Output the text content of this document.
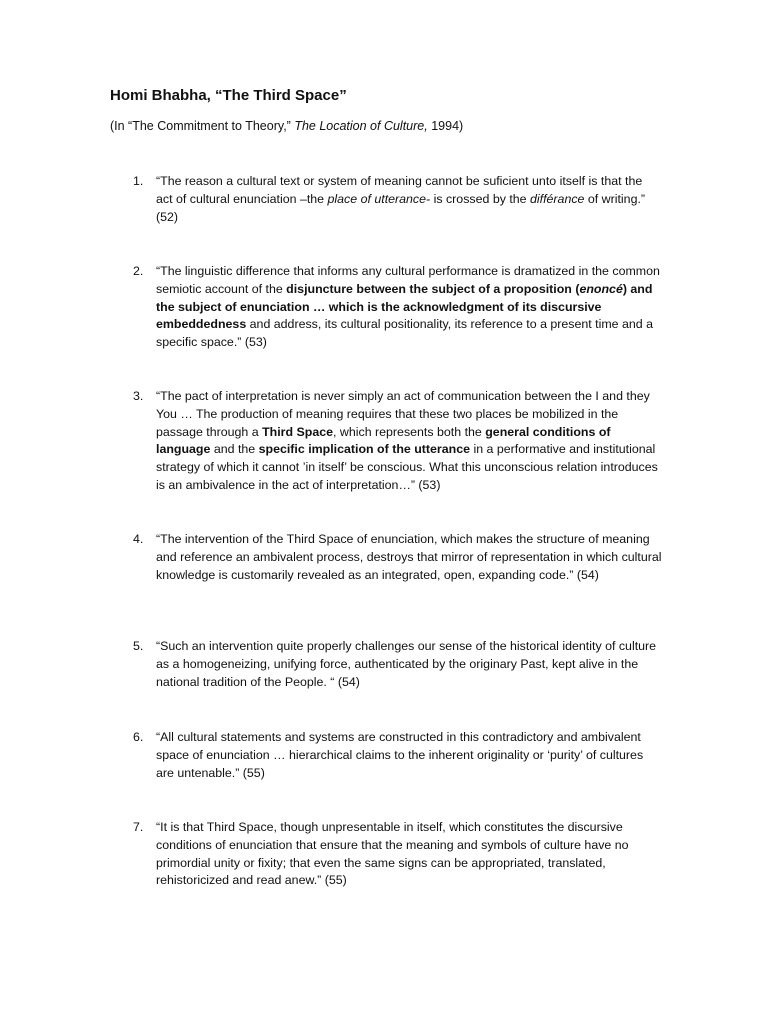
Homi Bhabha, “The Third Space”

(In “The Commitment to Theory,” The Location of Culture, 1994)

1. “The reason a cultural text or system of meaning cannot be suficient unto itself is that the act of cultural enunciation –the place of utterance- is crossed by the différance of writing.” (52)
2. “The linguistic difference that informs any cultural performance is dramatized in the common semiotic account of the disjuncture between the subject of a proposition (enoncé) and the subject of enunciation … which is the acknowledgment of its discursive embeddedness and address, its cultural positionality, its reference to a present time and a specific space.” (53)
3. “The pact of interpretation is never simply an act of communication between the I and they You … The production of meaning requires that these two places be mobilized in the passage through a Third Space, which represents both the general conditions of language and the specific implication of the utterance in a performative and institutional strategy of which it cannot ’in itself’ be conscious. What this unconscious relation introduces is an ambivalence in the act of interpretation…” (53)
4. “The intervention of the Third Space of enunciation, which makes the structure of meaning and reference an ambivalent process, destroys that mirror of representation in which cultural knowledge is customarily revealed as an integrated, open, expanding code.” (54)
5. “Such an intervention quite properly challenges our sense of the historical identity of culture as a homogeneizing, unifying force, authenticated by the originary Past, kept alive in the national tradition of the People. “ (54)
6. “All cultural statements and systems are constructed in this contradictory and ambivalent space of enunciation … hierarchical claims to the inherent originality or ‘purity’ of cultures are untenable.” (55)
7. “It is that Third Space, though unpresentable in itself, which constitutes the discursive conditions of enunciation that ensure that the meaning and symbols of culture have no primordial unity or fixity; that even the same signs can be appropriated, translated, rehistoricized and read anew.” (55)
